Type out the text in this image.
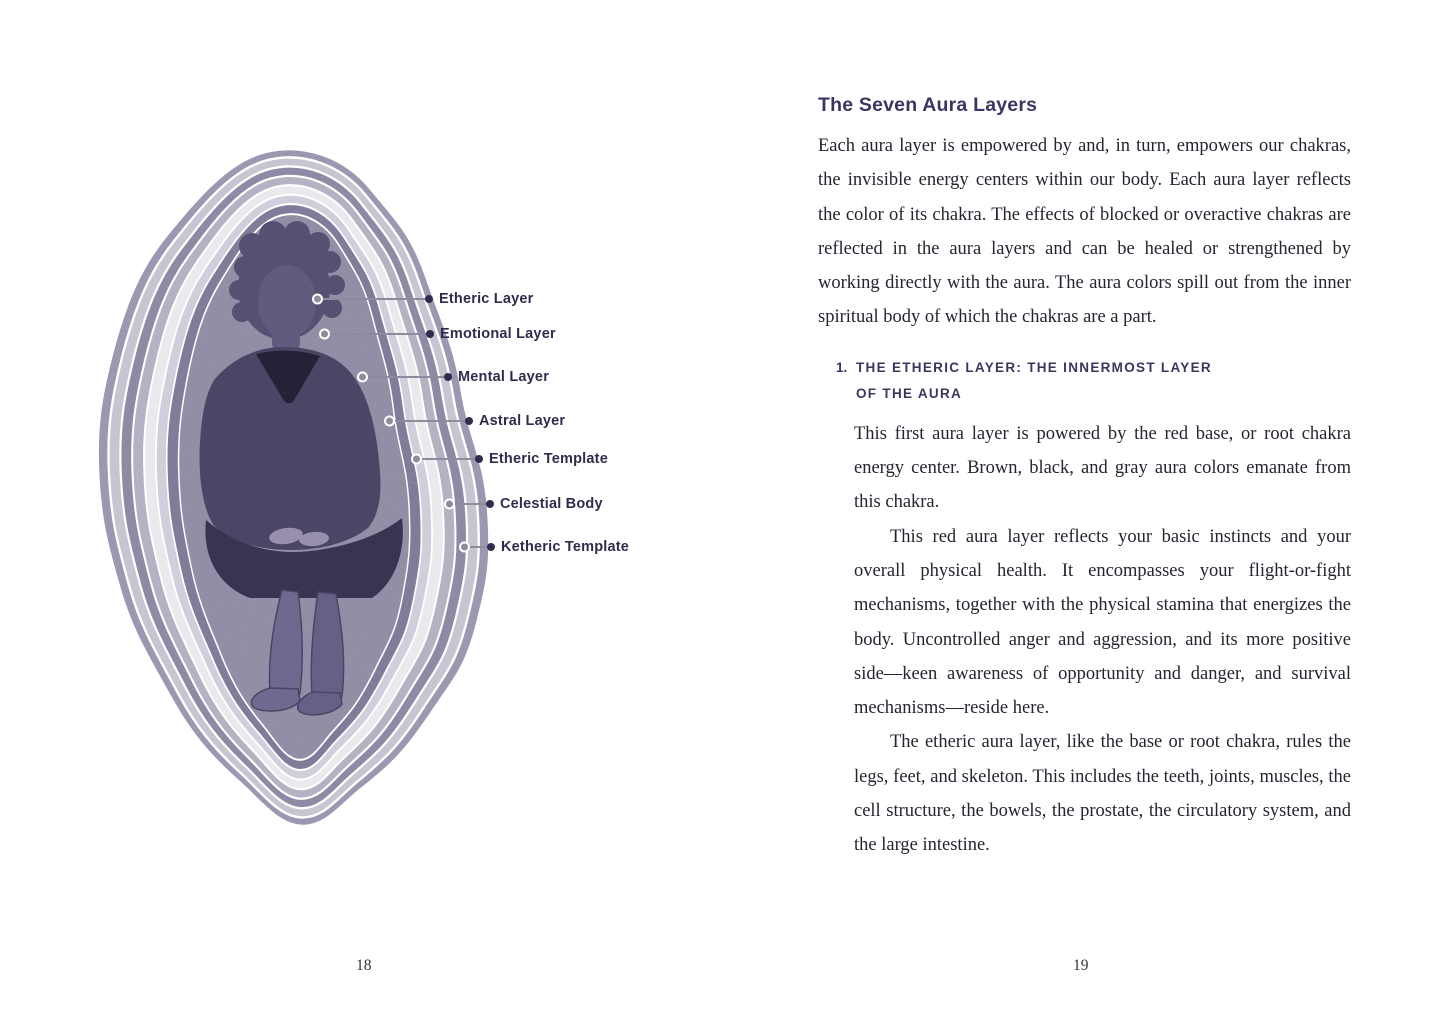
Etheric Layer
Emotional Layer
Mental Layer
Astral Layer
Etheric Template
Celestial Body
Ketheric Template
18
The Seven Aura Layers

Each aura layer is empowered by and, in turn, empowers our chakras, the invisible energy centers within our body. Each aura layer reflects the color of its chakra. The effects of blocked or overactive chakras are reflected in the aura layers and can be healed or strengthened by working directly with the aura. The aura colors spill out from the inner spiritual body of which the chakras are a part.

1. THE ETHERIC LAYER: THE INNERMOST LAYER
OF THE AURA

This first aura layer is powered by the red base, or root chakra energy center. Brown, black, and gray aura colors emanate from this chakra.

This red aura layer reflects your basic instincts and your overall physical health. It encompasses your flight-or-fight mechanisms, together with the physical stamina that energizes the body. Uncontrolled anger and aggression, and its more positive side—keen awareness of opportunity and danger, and survival mechanisms—reside here.

The etheric aura layer, like the base or root chakra, rules the legs, feet, and skeleton. This includes the teeth, joints, muscles, the cell structure, the bowels, the prostate, the circulatory system, and the large intestine.

19
